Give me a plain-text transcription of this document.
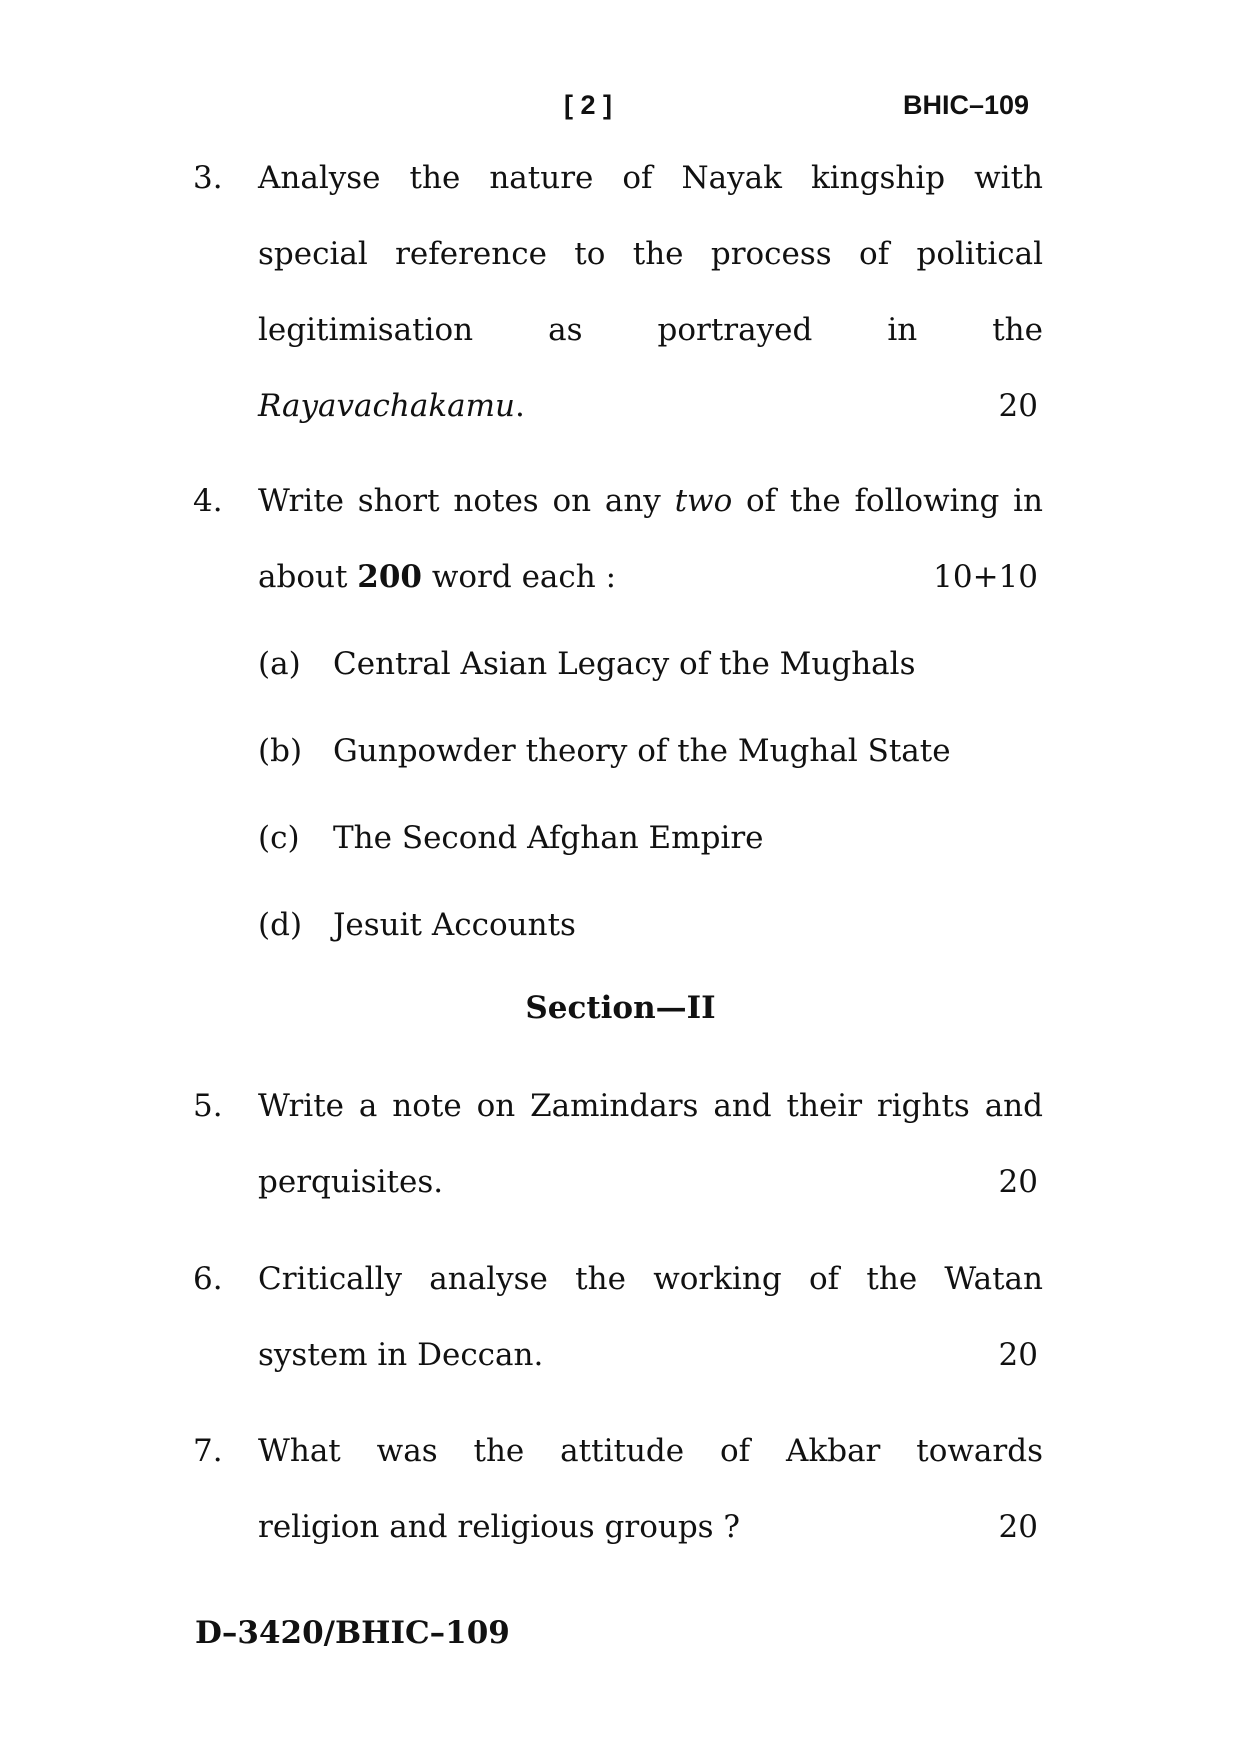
[ 2 ]	BHIC–109
3. Analyse the nature of Nayak kingship with
special reference to the process of political
legitimisation as portrayed in the
Rayavachakamu.	20
4. Write short notes on any two of the following in
about 200 word each :	10+10
(a) Central Asian Legacy of the Mughals
(b) Gunpowder theory of the Mughal State
(c) The Second Afghan Empire
(d) Jesuit Accounts
Section—II
5. Write a note on Zamindars and their rights and
perquisites.	20
6. Critically analyse the working of the Watan
system in Deccan.	20
7. What was the attitude of Akbar towards
religion and religious groups ?	20
D–3420/BHIC–109
